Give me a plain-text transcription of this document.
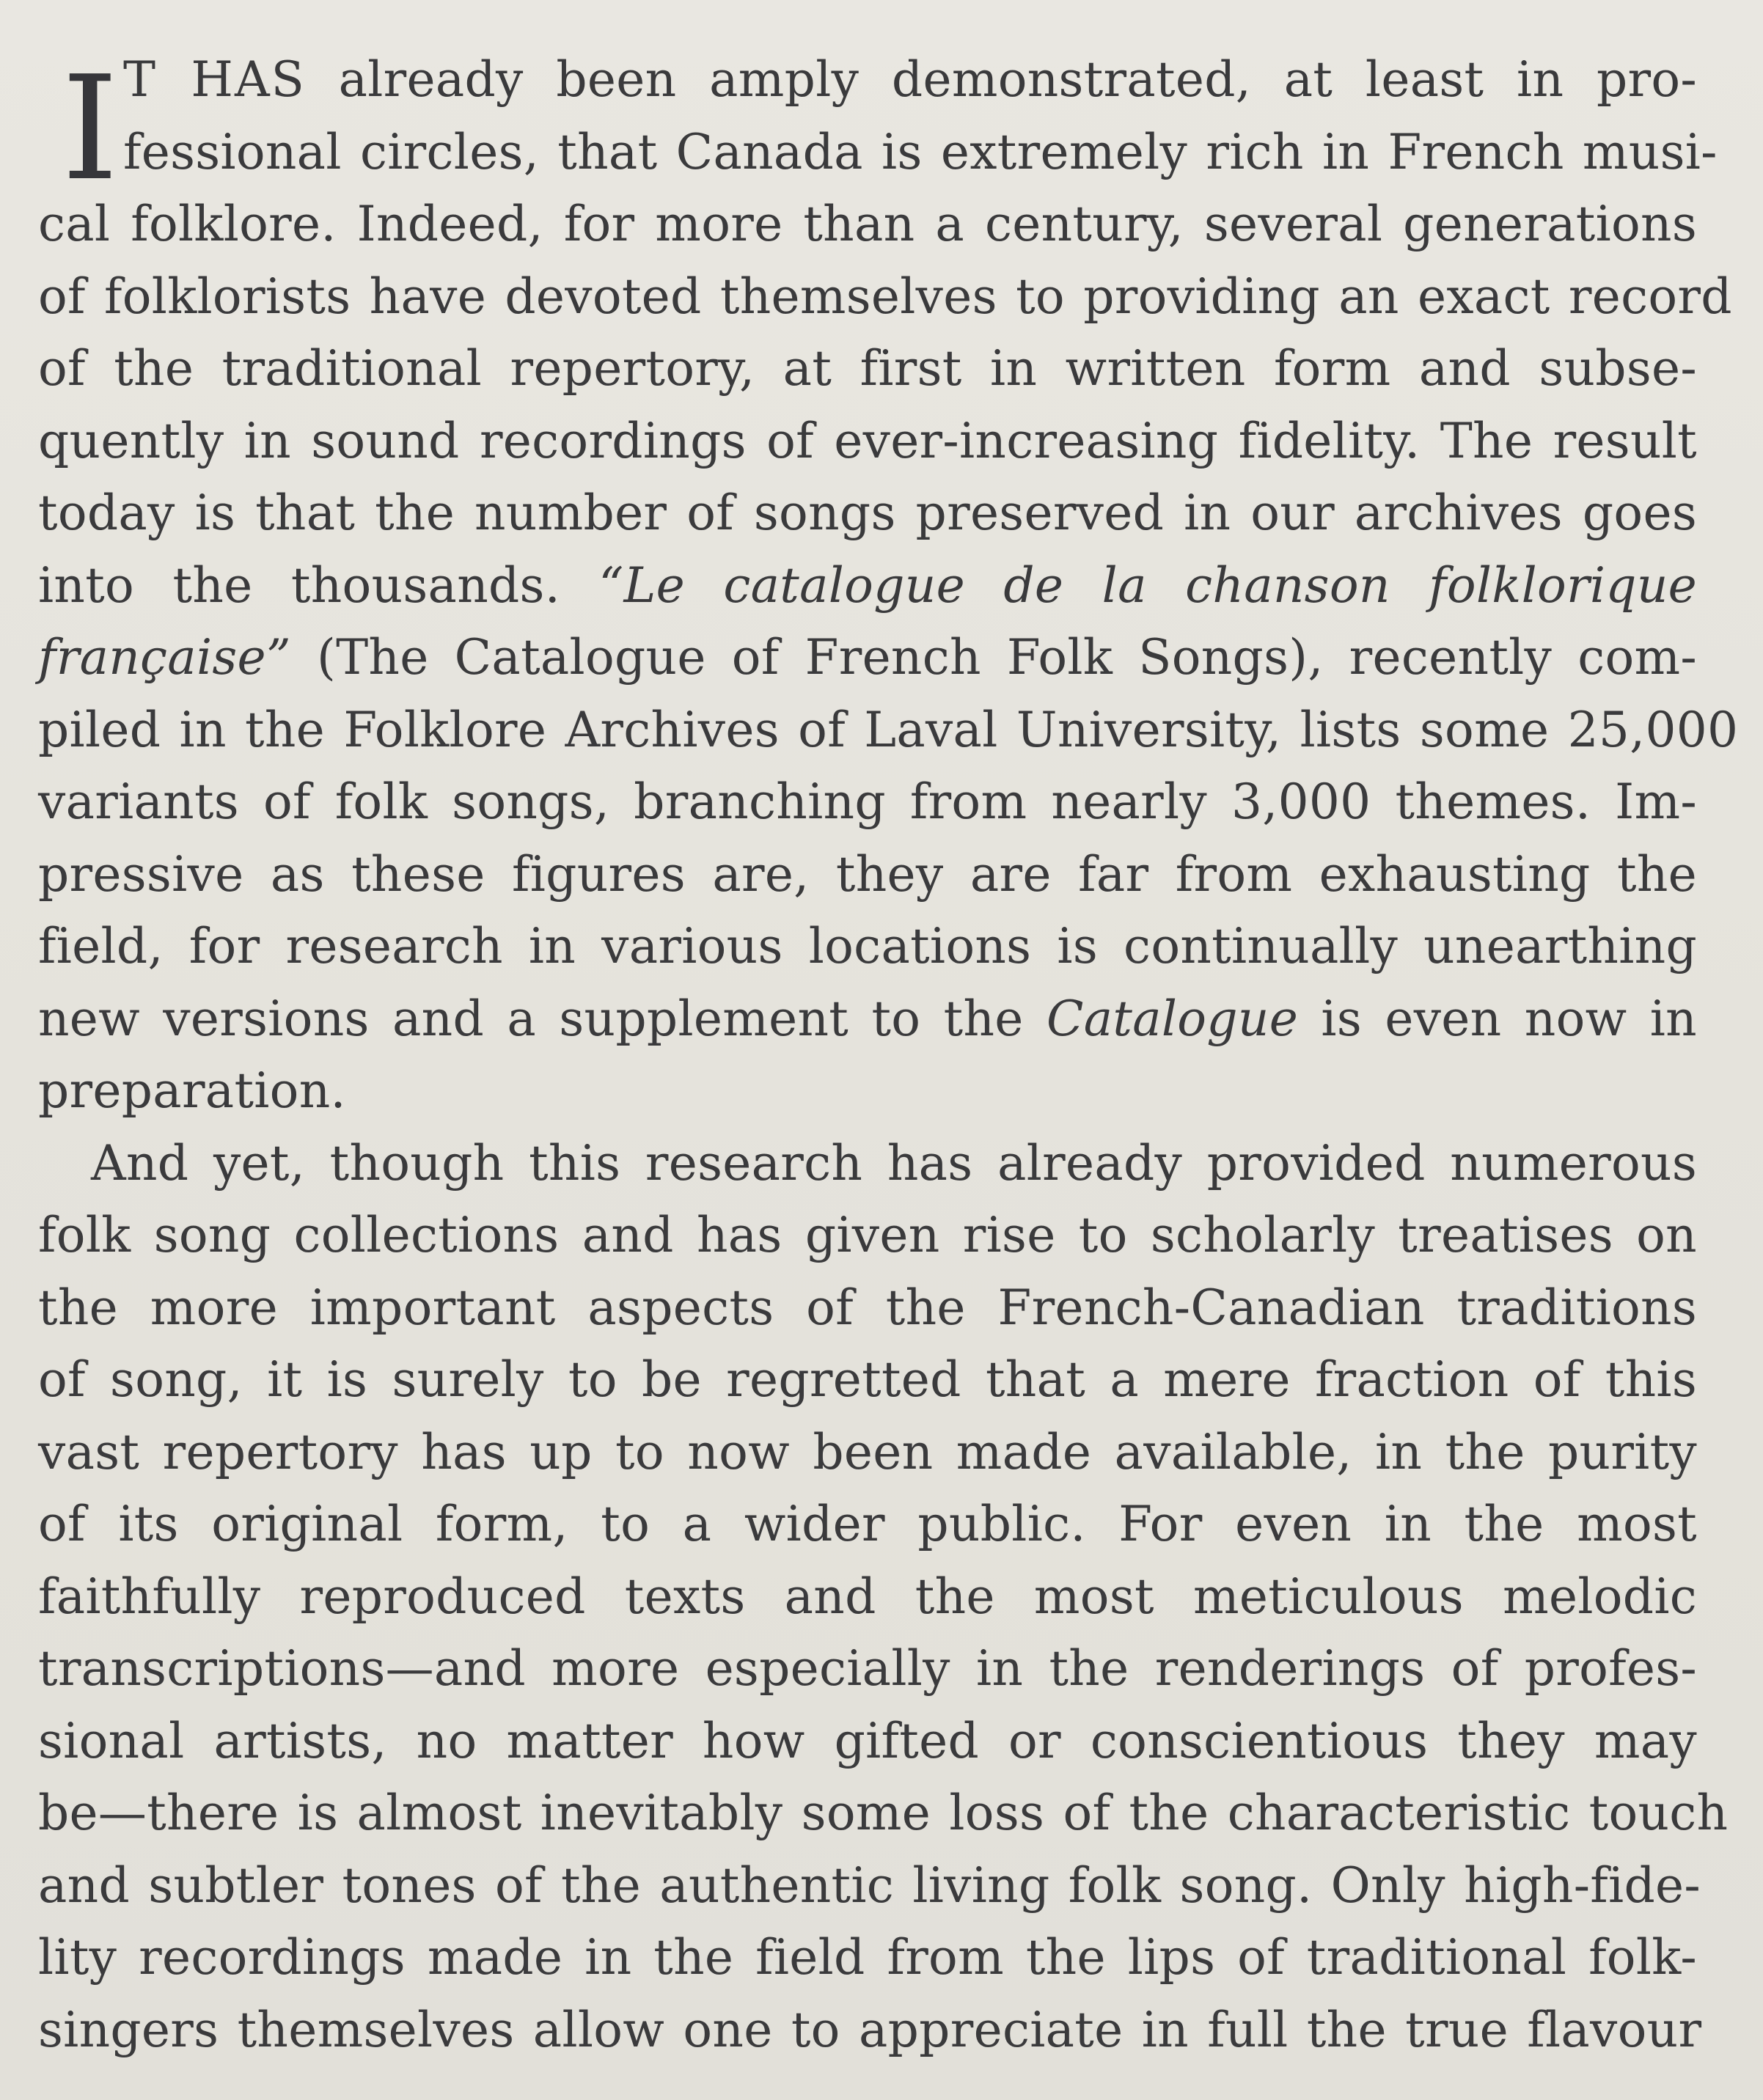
I T HAS already been amply demonstrated, at least in pro-
fessional circles, that Canada is extremely rich in French musi-
cal folklore. Indeed, for more than a century, several generations
of folklorists have devoted themselves to providing an exact record
of the traditional repertory, at first in written form and subse-
quently in sound recordings of ever-increasing fidelity. The result
today is that the number of songs preserved in our archives goes
into the thousands. “Le catalogue de la chanson folklorique
française” (The Catalogue of French Folk Songs), recently com-
piled in the Folklore Archives of Laval University, lists some 25,000
variants of folk songs, branching from nearly 3,000 themes. Im-
pressive as these figures are, they are far from exhausting the
field, for research in various locations is continually unearthing
new versions and a supplement to the Catalogue is even now in
preparation.
And yet, though this research has already provided numerous
folk song collections and has given rise to scholarly treatises on
the more important aspects of the French-Canadian traditions
of song, it is surely to be regretted that a mere fraction of this
vast repertory has up to now been made available, in the purity
of its original form, to a wider public. For even in the most
faithfully reproduced texts and the most meticulous melodic
transcriptions—and more especially in the renderings of profes-
sional artists, no matter how gifted or conscientious they may
be—there is almost inevitably some loss of the characteristic touch
and subtler tones of the authentic living folk song. Only high-fide-
lity recordings made in the field from the lips of traditional folk-
singers themselves allow one to appreciate in full the true flavour
